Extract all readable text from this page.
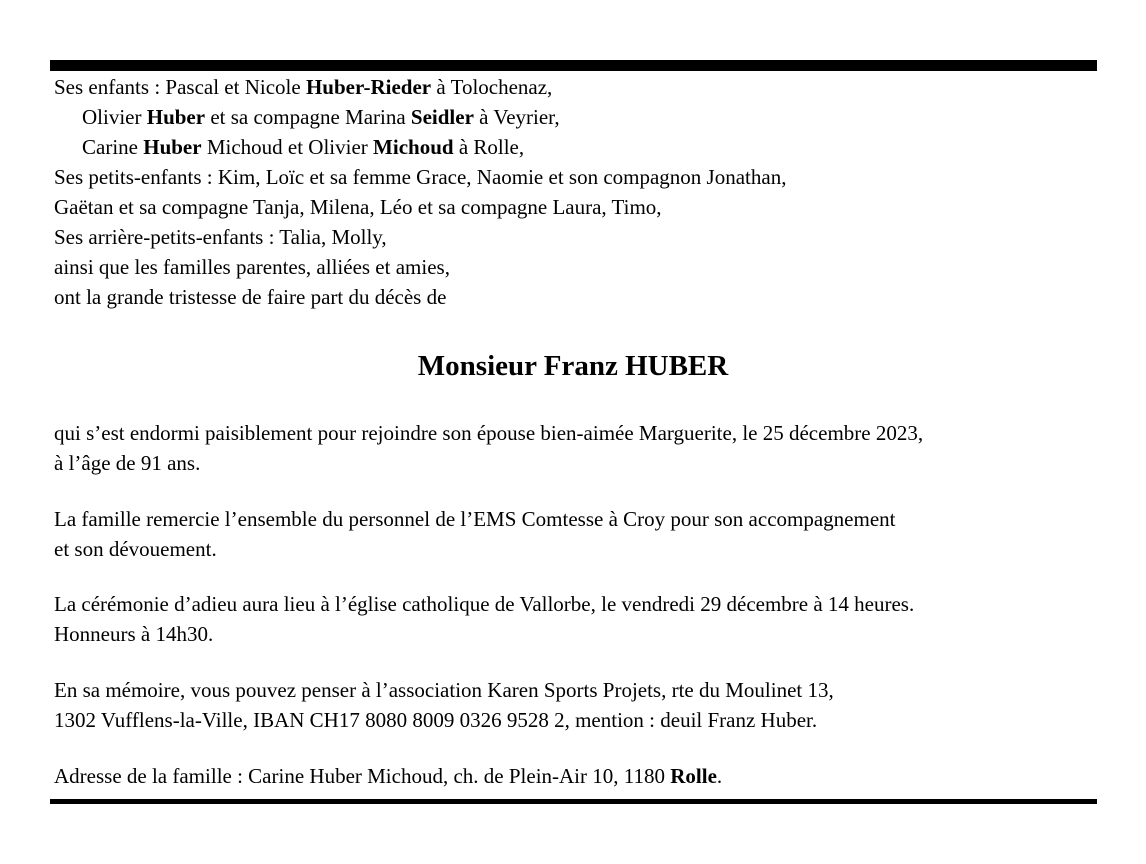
Ses enfants : Pascal et Nicole Huber-Rieder à Tolochenaz,
Olivier Huber et sa compagne Marina Seidler à Veyrier,
Carine Huber Michoud et Olivier Michoud à Rolle,
Ses petits-enfants : Kim, Loïc et sa femme Grace, Naomie et son compagnon Jonathan,
Gaëtan et sa compagne Tanja, Milena, Léo et sa compagne Laura, Timo,
Ses arrière-petits-enfants : Talia, Molly,
ainsi que les familles parentes, alliées et amies,
ont la grande tristesse de faire part du décès de
Monsieur Franz HUBER
qui s’est endormi paisiblement pour rejoindre son épouse bien-aimée Marguerite, le 25 décembre 2023,
à l’âge de 91 ans.
La famille remercie l’ensemble du personnel de l’EMS Comtesse à Croy pour son accompagnement
et son dévouement.
La cérémonie d’adieu aura lieu à l’église catholique de Vallorbe, le vendredi 29 décembre à 14 heures.
Honneurs à 14h30.
En sa mémoire, vous pouvez penser à l’association Karen Sports Projets, rte du Moulinet 13,
1302 Vufflens-la-Ville, IBAN CH17 8080 8009 0326 9528 2, mention : deuil Franz Huber.
Adresse de la famille : Carine Huber Michoud, ch. de Plein-Air 10, 1180 Rolle.
